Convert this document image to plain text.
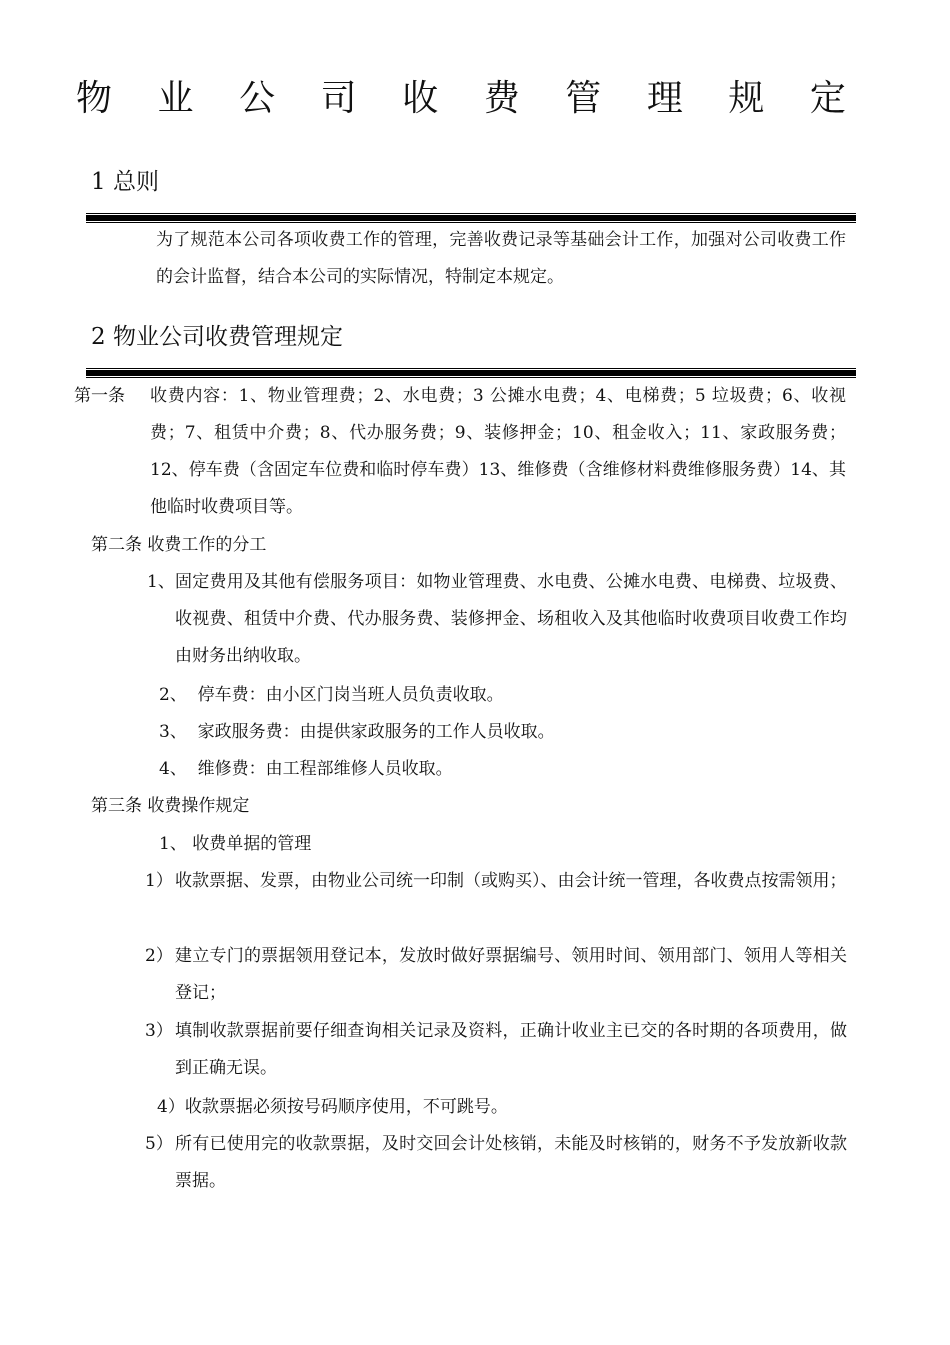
物 业 公 司 收 费 管 理 规 定
1 总则
为了规范本公司各项收费工作的管理，完善收费记录等基础会计工作，加强对公司收费工作的会计监督，结合本公司的实际情况，特制定本规定。
2 物业公司收费管理规定
第一条 收费内容：1、物业管理费；2、水电费；3 公摊水电费；4、电梯费；5 垃圾费；6、收视费；7、租赁中介费；8、代办服务费；9、装修押金；10、租金收入；11、家政服务费；12、停车费（含固定车位费和临时停车费）13、维修费（含维修材料费维修服务费）14、其他临时收费项目等。
第二条 收费工作的分工
1、 固定费用及其他有偿服务项目：如物业管理费、水电费、公摊水电费、电梯费、垃圾费、收视费、租赁中介费、代办服务费、装修押金、场租收入及其他临时收费项目收费工作均由财务出纳收取。
2、 停车费：由小区门岗当班人员负责收取。
3、 家政服务费：由提供家政服务的工作人员收取。
4、 维修费：由工程部维修人员收取。
第三条 收费操作规定
1、 收费单据的管理
1） 收款票据、发票，由物业公司统一印制（或购买）、由会计统一管理，各收费点按需领用；
2） 建立专门的票据领用登记本，发放时做好票据编号、领用时间、领用部门、领用人等相关登记；
3） 填制收款票据前要仔细查询相关记录及资料，正确计收业主已交的各时期的各项费用，做到正确无误。
4）收款票据必须按号码顺序使用，不可跳号。
5） 所有已使用完的收款票据，及时交回会计处核销，未能及时核销的，财务不予发放新收款票据。
